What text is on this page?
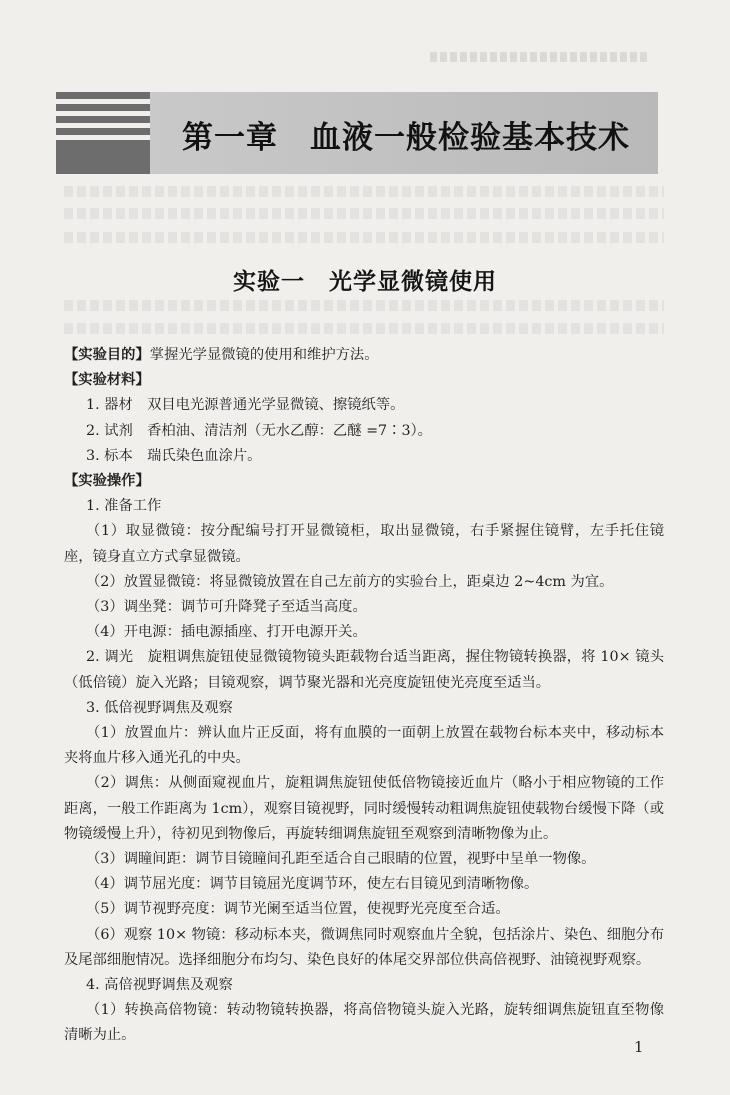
第一章　血液一般检验基本技术
实验一　光学显微镜使用
【实验目的】掌握光学显微镜的使用和维护方法。
【实验材料】
1. 器材　双目电光源普通光学显微镜、擦镜纸等。
2. 试剂　香柏油、清洁剂（无水乙醇：乙醚 =7∶3）。
3. 标本　瑞氏染色血涂片。
【实验操作】
1. 准备工作
（1）取显微镜：按分配编号打开显微镜柜，取出显微镜，右手紧握住镜臂，左手托住镜座，镜身直立方式拿显微镜。
（2）放置显微镜：将显微镜放置在自己左前方的实验台上，距桌边 2~4cm 为宜。
（3）调坐凳：调节可升降凳子至适当高度。
（4）开电源：插电源插座、打开电源开关。
2. 调光　旋粗调焦旋钮使显微镜物镜头距载物台适当距离，握住物镜转换器，将 10× 镜头（低倍镜）旋入光路；目镜观察，调节聚光器和光亮度旋钮使光亮度至适当。
3. 低倍视野调焦及观察
（1）放置血片：辨认血片正反面，将有血膜的一面朝上放置在载物台标本夹中，移动标本夹将血片移入通光孔的中央。
（2）调焦：从侧面窥视血片，旋粗调焦旋钮使低倍物镜接近血片（略小于相应物镜的工作距离，一般工作距离为 1cm），观察目镜视野，同时缓慢转动粗调焦旋钮使载物台缓慢下降（或物镜缓慢上升），待初见到物像后，再旋转细调焦旋钮至观察到清晰物像为止。
（3）调瞳间距：调节目镜瞳间孔距至适合自己眼睛的位置，视野中呈单一物像。
（4）调节屈光度：调节目镜屈光度调节环，使左右目镜见到清晰物像。
（5）调节视野亮度：调节光阑至适当位置，使视野光亮度至合适。
（6）观察 10× 物镜：移动标本夹，微调焦同时观察血片全貌，包括涂片、染色、细胞分布及尾部细胞情况。选择细胞分布均匀、染色良好的体尾交界部位供高倍视野、油镜视野观察。
4. 高倍视野调焦及观察
（1）转换高倍物镜：转动物镜转换器，将高倍物镜头旋入光路，旋转细调焦旋钮直至物像清晰为止。
1
